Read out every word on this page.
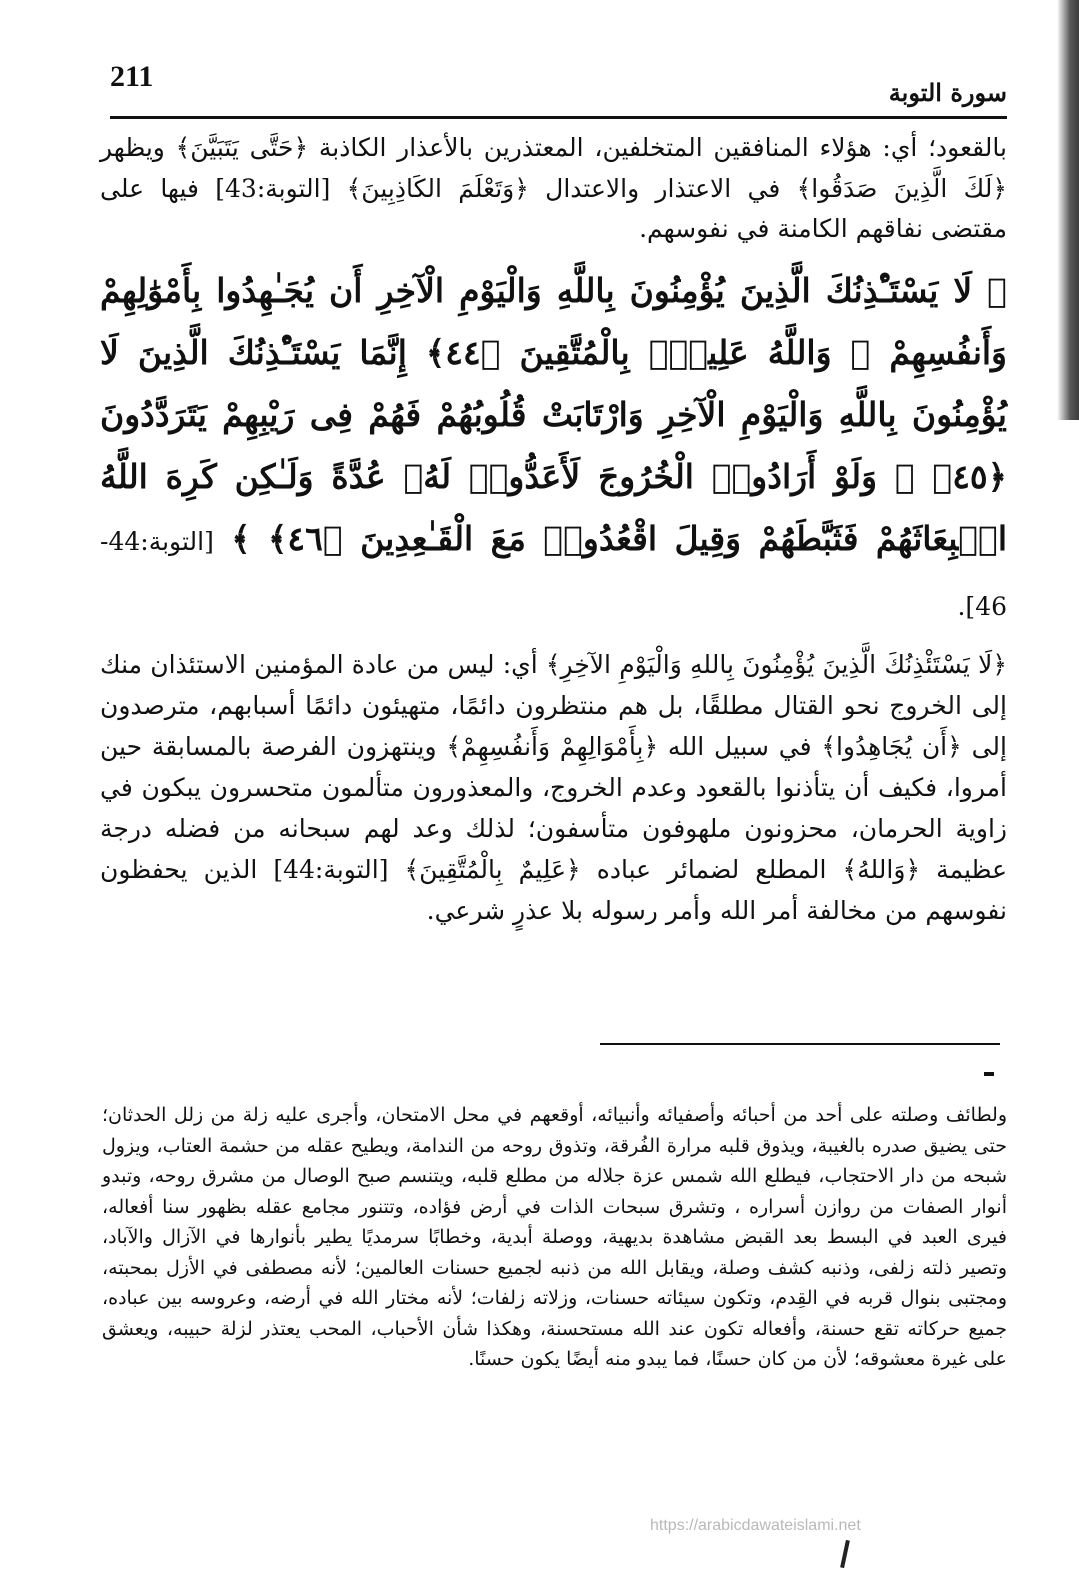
211	سورة التوبة

بالقعود؛ أي: هؤلاء المنافقين المتخلفين، المعتذرين بالأعذار الكاذبة ﴿حَتَّى يَتَبَيَّنَ﴾ ويظهر ﴿لَكَ الَّذِينَ صَدَقُوا﴾ في الاعتذار والاعتدال ﴿وَتَعْلَمَ الكَاذِبِينَ﴾ [التوبة:43] فيها على مقتضى نفاقهم الكامنة في نفوسهم.

﴿ لَا يَسْتَـْٔذِنُكَ الَّذِينَ يُؤْمِنُونَ بِاللَّهِ وَالْيَوْمِ الْآخِرِ أَن يُجَـٰهِدُوا بِأَمْوَٰلِهِمْ وَأَنفُسِهِمْ ۗ وَاللَّهُ عَلِيمٌۢ بِالْمُتَّقِينَ ﴿٤٤﴾ إِنَّمَا يَسْتَـْٔذِنُكَ الَّذِينَ لَا يُؤْمِنُونَ بِاللَّهِ وَالْيَوْمِ الْآخِرِ وَارْتَابَتْ قُلُوبُهُمْ فَهُمْ فِى رَيْبِهِمْ يَتَرَدَّدُونَ ﴿٤٥﴾ ۞ وَلَوْ أَرَادُوا۟ الْخُرُوجَ لَأَعَدُّوا۟ لَهُۥ عُدَّةً وَلَـٰكِن كَرِهَ اللَّهُ انۢبِعَاثَهُمْ فَثَبَّطَهُمْ وَقِيلَ اقْعُدُوا۟ مَعَ الْقَـٰعِدِينَ ﴿٤٦﴾ ﴾ [التوبة:44-46].

﴿لَا يَسْتَئْذِنُكَ الَّذِينَ يُؤْمِنُونَ بِاللهِ وَالْيَوْمِ الآخِرِ﴾ أي: ليس من عادة المؤمنين الاستئذان منك إلى الخروج نحو القتال مطلقًا، بل هم منتظرون دائمًا، متهيئون دائمًا أسبابهم، مترصدون إلى ﴿أَن يُجَاهِدُوا﴾ في سبيل الله ﴿بِأَمْوَالِهِمْ وَأَنفُسِهِمْ﴾ وينتهزون الفرصة بالمسابقة حين أمروا، فكيف أن يتأذنوا بالقعود وعدم الخروج، والمعذورون متألمون متحسرون يبكون في زاوية الحرمان، محزونون ملهوفون متأسفون؛ لذلك وعد لهم سبحانه من فضله درجة عظيمة ﴿وَاللهُ﴾ المطلع لضمائر عباده ﴿عَلِيمٌ بِالْمُتَّقِينَ﴾ [التوبة:44] الذين يحفظون نفوسهم من مخالفة أمر الله وأمر رسوله بلا عذرٍ شرعي.

ولطائف وصلته على أحد من أحبائه وأصفيائه وأنبيائه، أوقعهم في محل الامتحان، وأجرى عليه زلة من زلل الحدثان؛ حتى يضيق صدره بالغيبة، ويذوق قلبه مرارة الفُرقة، وتذوق روحه من الندامة، ويطيح عقله من حشمة العتاب، ويزول شبحه من دار الاحتجاب، فيطلع الله شمس عزة جلاله من مطلع قلبه، ويتنسم صبح الوصال من مشرق روحه، وتبدو أنوار الصفات من روازن أسراره ، وتشرق سبحات الذات في أرض فؤاده، وتتنور مجامع عقله بظهور سنا أفعاله، فيرى العبد في البسط بعد القبض مشاهدة بديهية، ووصلة أبدية، وخطابًا سرمديًا يطير بأنوارها في الآزال والآباد، وتصير ذلته زلفى، وذنبه كشف وصلة، ويقابل الله من ذنبه لجميع حسنات العالمين؛ لأنه مصطفى في الأزل بمحبته، ومجتبى بنوال قربه في القِدم، وتكون سيئاته حسنات، وزلاته زلفات؛ لأنه مختار الله في أرضه، وعروسه بين عباده، جميع حركاته تقع حسنة، وأفعاله تكون عند الله مستحسنة، وهكذا شأن الأحباب، المحب يعتذر لزلة حبيبه، ويعشق على غيرة معشوقه؛ لأن من كان حسنًا، فما يبدو منه أيضًا يكون حسنًا.

https://arabicdawateislami.net
